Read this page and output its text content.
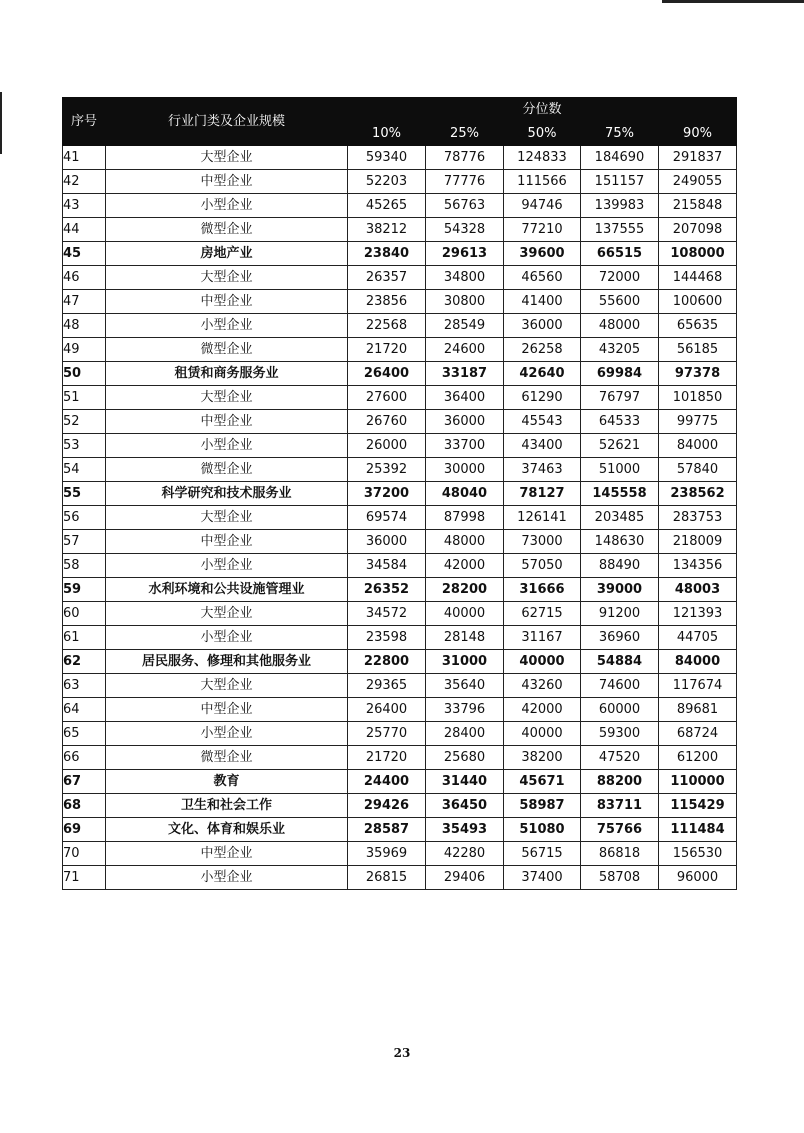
序号	行业门类及企业规模	分位数				
		10%	25%	50%	75%	90%
41	大型企业	59340	78776	124833	184690	291837
42	中型企业	52203	77776	111566	151157	249055
43	小型企业	45265	56763	94746	139983	215848
44	微型企业	38212	54328	77210	137555	207098
45	房地产业	23840	29613	39600	66515	108000
46	大型企业	26357	34800	46560	72000	144468
47	中型企业	23856	30800	41400	55600	100600
48	小型企业	22568	28549	36000	48000	65635
49	微型企业	21720	24600	26258	43205	56185
50	租赁和商务服务业	26400	33187	42640	69984	97378
51	大型企业	27600	36400	61290	76797	101850
52	中型企业	26760	36000	45543	64533	99775
53	小型企业	26000	33700	43400	52621	84000
54	微型企业	25392	30000	37463	51000	57840
55	科学研究和技术服务业	37200	48040	78127	145558	238562
56	大型企业	69574	87998	126141	203485	283753
57	中型企业	36000	48000	73000	148630	218009
58	小型企业	34584	42000	57050	88490	134356
59	水利环境和公共设施管理业	26352	28200	31666	39000	48003
60	大型企业	34572	40000	62715	91200	121393
61	小型企业	23598	28148	31167	36960	44705
62	居民服务、修理和其他服务业	22800	31000	40000	54884	84000
63	大型企业	29365	35640	43260	74600	117674
64	中型企业	26400	33796	42000	60000	89681
65	小型企业	25770	28400	40000	59300	68724
66	微型企业	21720	25680	38200	47520	61200
67	教育	24400	31440	45671	88200	110000
68	卫生和社会工作	29426	36450	58987	83711	115429
69	文化、体育和娱乐业	28587	35493	51080	75766	111484
70	中型企业	35969	42280	56715	86818	156530
71	小型企业	26815	29406	37400	58708	96000
23
